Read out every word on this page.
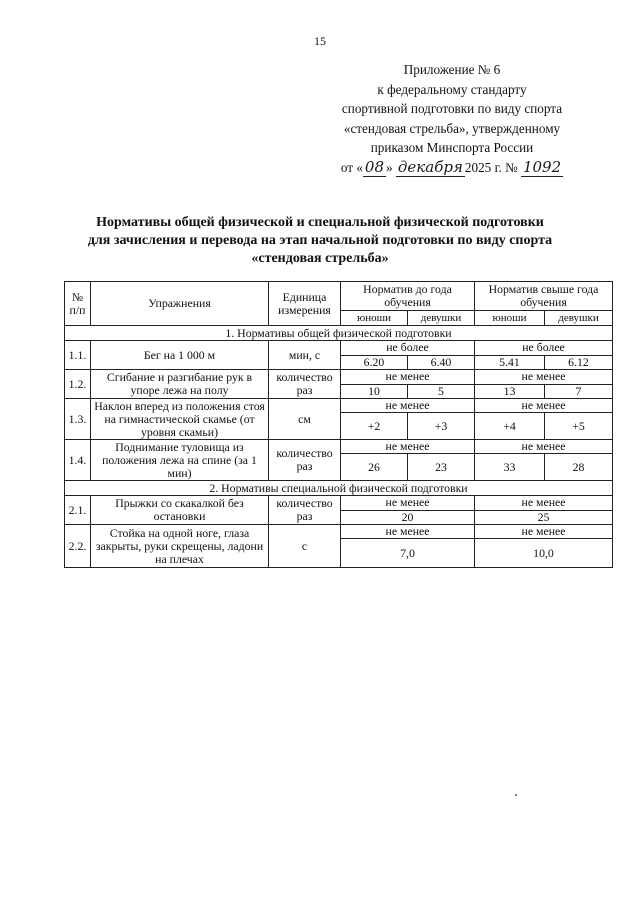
15
Приложение № 6
к федеральному стандарту
спортивной подготовки по виду спорта
«стендовая стрельба», утвержденному
приказом Минспорта России
от « 08 » декабря 2025 г. № 1092
Нормативы общей физической и специальной физической подготовки
для зачисления и перевода на этап начальной подготовки по виду спорта
«стендовая стрельба»
№ п/п	Упражнения	Единица измерения	Норматив до года обучения		Норматив свыше года обучения	
			юноши	девушки	юноши	девушки
1. Нормативы общей физической подготовки						
1.1.	Бег на 1 000 м	мин, с	не более		не более	
			6.20	6.40	5.41	6.12
1.2.	Сгибание и разгибание рук в упоре лежа на полу	количество раз	не менее		не менее	
			10	5	13	7
1.3.	Наклон вперед из положения стоя на гимнастической скамье (от уровня скамьи)	см	не менее		не менее	
			+2	+3	+4	+5
1.4.	Поднимание туловища из положения лежа на спине (за 1 мин)	количество раз	не менее		не менее	
			26	23	33	28
2. Нормативы специальной физической подготовки						
2.1.	Прыжки со скакалкой без остановки	количество раз	не менее		не менее	
			20		25	
2.2.	Стойка на одной ноге, глаза закрыты, руки скрещены, ладони на плечах	с	не менее		не менее	
			7,0		10,0	
